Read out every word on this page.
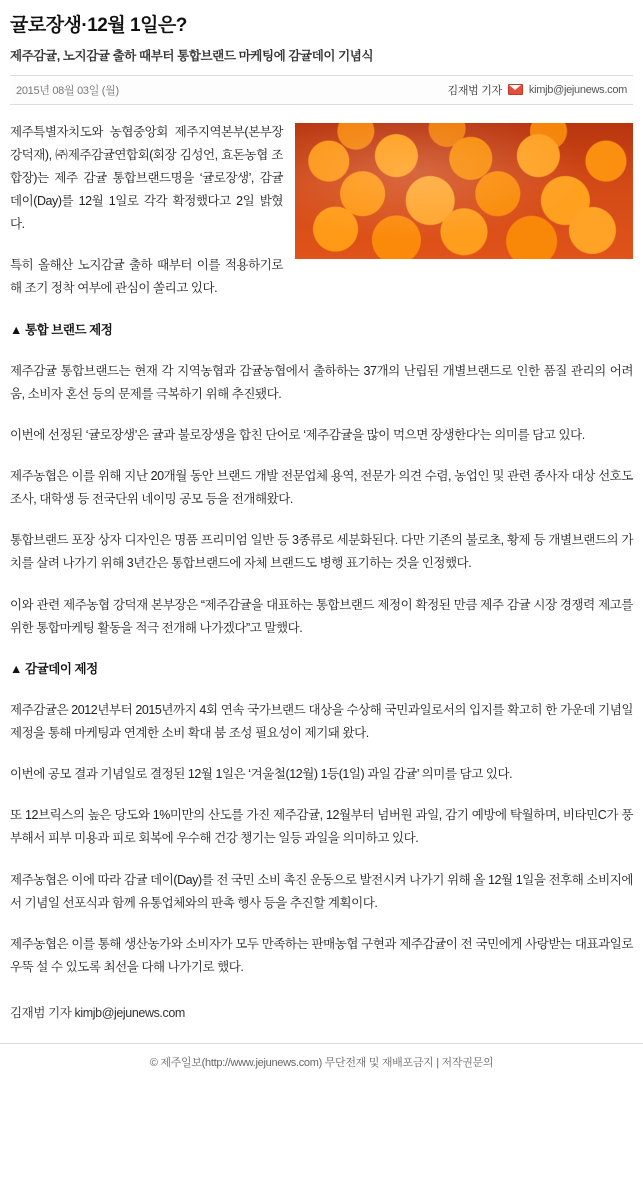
귤로장생·12월 1일은?
제주감귤, 노지감귤 출하 때부터 통합브랜드 마케팅에 감귤데이 기념식
2015년 08월 03일 (월)	김재범 기자 kimjb@jejunews.com

제주특별자치도와 농협중앙회 제주지역본부(본부장 강덕재), ㈜제주감귤연합회(회장 김성언, 효돈농협 조합장)는 제주 감귤 통합브랜드명을 ‘귤로장생’, 감귤 데이(Day)를 12월 1일로 각각 확정했다고 2일 밝혔다.

특히 올해산 노지감귤 출하 때부터 이를 적용하기로 해 조기 정착 여부에 관심이 쏠리고 있다.

▲ 통합 브랜드 제정

제주감귤 통합브랜드는 현재 각 지역농협과 감귤농협에서 출하하는 37개의 난립된 개별브랜드로 인한 품질 관리의 어려움, 소비자 혼선 등의 문제를 극복하기 위해 추진됐다.

이번에 선정된 ‘귤로장생’은 귤과 불로장생을 합친 단어로 ‘제주감귤을 많이 먹으면 장생한다’는 의미를 담고 있다.

제주농협은 이를 위해 지난 20개월 동안 브랜드 개발 전문업체 용역, 전문가 의견 수렴, 농업인 및 관련 종사자 대상 선호도 조사, 대학생 등 전국단위 네이밍 공모 등을 전개해왔다.

통합브랜드 포장 상자 디자인은 명품 프리미엄 일반 등 3종류로 세분화된다. 다만 기존의 불로초, 황제 등 개별브랜드의 가치를 살려 나가기 위해 3년간은 통합브랜드에 자체 브랜드도 병행 표기하는 것을 인정했다.

이와 관련 제주농협 강덕재 본부장은 “제주감귤을 대표하는 통합브랜드 제정이 확정된 만큼 제주 감귤 시장 경쟁력 제고를 위한 통합마케팅 활동을 적극 전개해 나가겠다”고 말했다.

▲ 감귤데이 제정

제주감귤은 2012년부터 2015년까지 4회 연속 국가브랜드 대상을 수상해 국민과일로서의 입지를 확고히 한 가운데 기념일 제정을 통해 마케팅과 연계한 소비 확대 붐 조성 필요성이 제기돼 왔다.

이번에 공모 결과 기념일로 결정된 12월 1일은 ‘겨울철(12월) 1등(1일) 과일 감귤’ 의미를 담고 있다.

또 12브릭스의 높은 당도와 1%미만의 산도를 가진 제주감귤, 12월부터 넘버원 과일, 감기 예방에 탁월하며, 비타민C가 풍부해서 피부 미용과 피로 회복에 우수해 건강 챙기는 일등 과일을 의미하고 있다.

제주농협은 이에 따라 감귤 데이(Day)를 전 국민 소비 촉진 운동으로 발전시켜 나가기 위해 올 12월 1일을 전후해 소비지에서 기념일 선포식과 함께 유통업체와의 판촉 행사 등을 추진할 계획이다.

제주농협은 이를 통해 생산농가와 소비자가 모두 만족하는 판매농협 구현과 제주감귤이 전 국민에게 사랑받는 대표과일로 우뚝 설 수 있도록 최선을 다해 나가기로 했다.

김재범 기자 kimjb@jejunews.com
© 제주일보(http://www.jejunews.com) 무단전재 및 재배포금지 | 저작권문의
